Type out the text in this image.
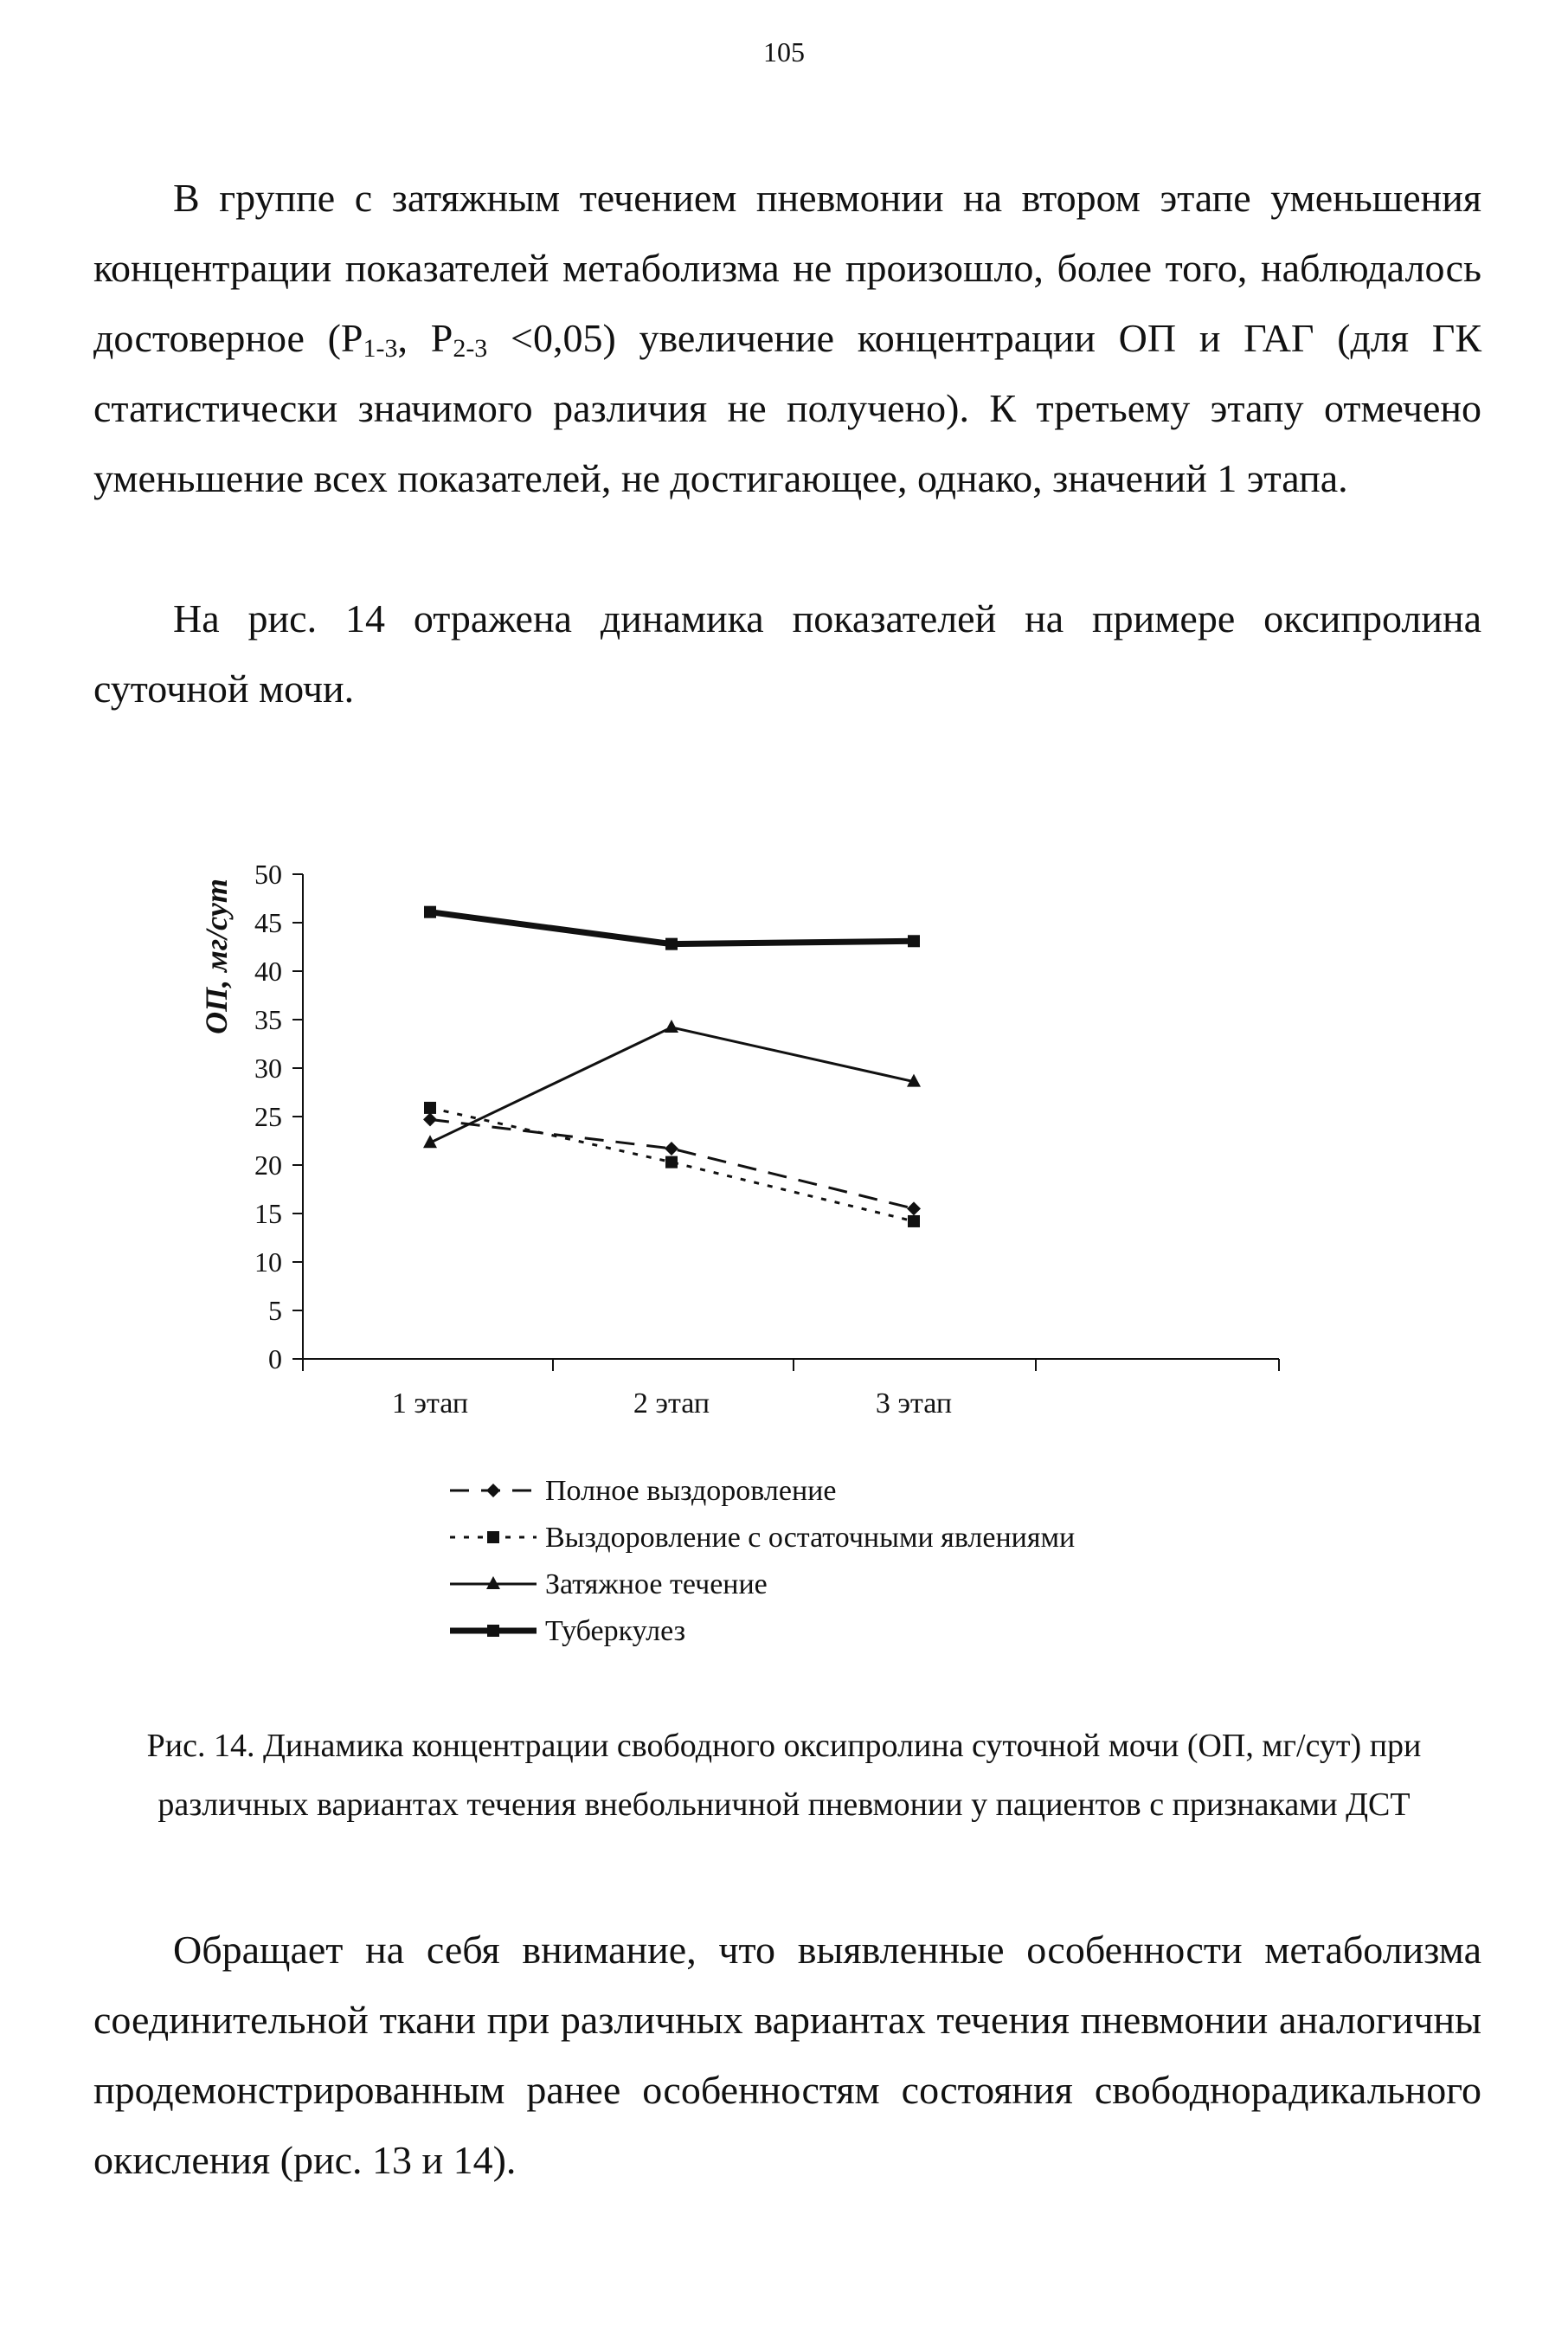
105

В группе с затяжным течением пневмонии на втором этапе уменьшения концентрации показателей метаболизма не произошло, более того, наблюдалось достоверное ($P_{1-3}$, $P_{2-3} <0,05$) увеличение концентрации ОП и ГАГ (для ГК статистически значимого различия не получено). К третьему этапу отмечено уменьшение всех показателей, не достигающее, однако, значений 1 этапа.

На рис. 14 отражена динамика показателей на примере оксипролина суточной мочи.

0
5
10
15
20
25
30
35
40
45
50
1 этап	2 этап	3 этап
ОП, мг/сут
Полное выздоровление
Выздоровление с остаточными явлениями
Затяжное течение
Туберкулез
Рис. 14. Динамика концентрации свободного оксипролина суточной мочи (ОП, мг/сут) при различных вариантах течения внебольничной пневмонии у пациентов с признаками ДСТ

Обращает на себя внимание, что выявленные особенности метаболизма соединительной ткани при различных вариантах течения пневмонии аналогичны продемонстрированным ранее особенностям состояния свободнорадикального окисления (рис. 13 и 14).
